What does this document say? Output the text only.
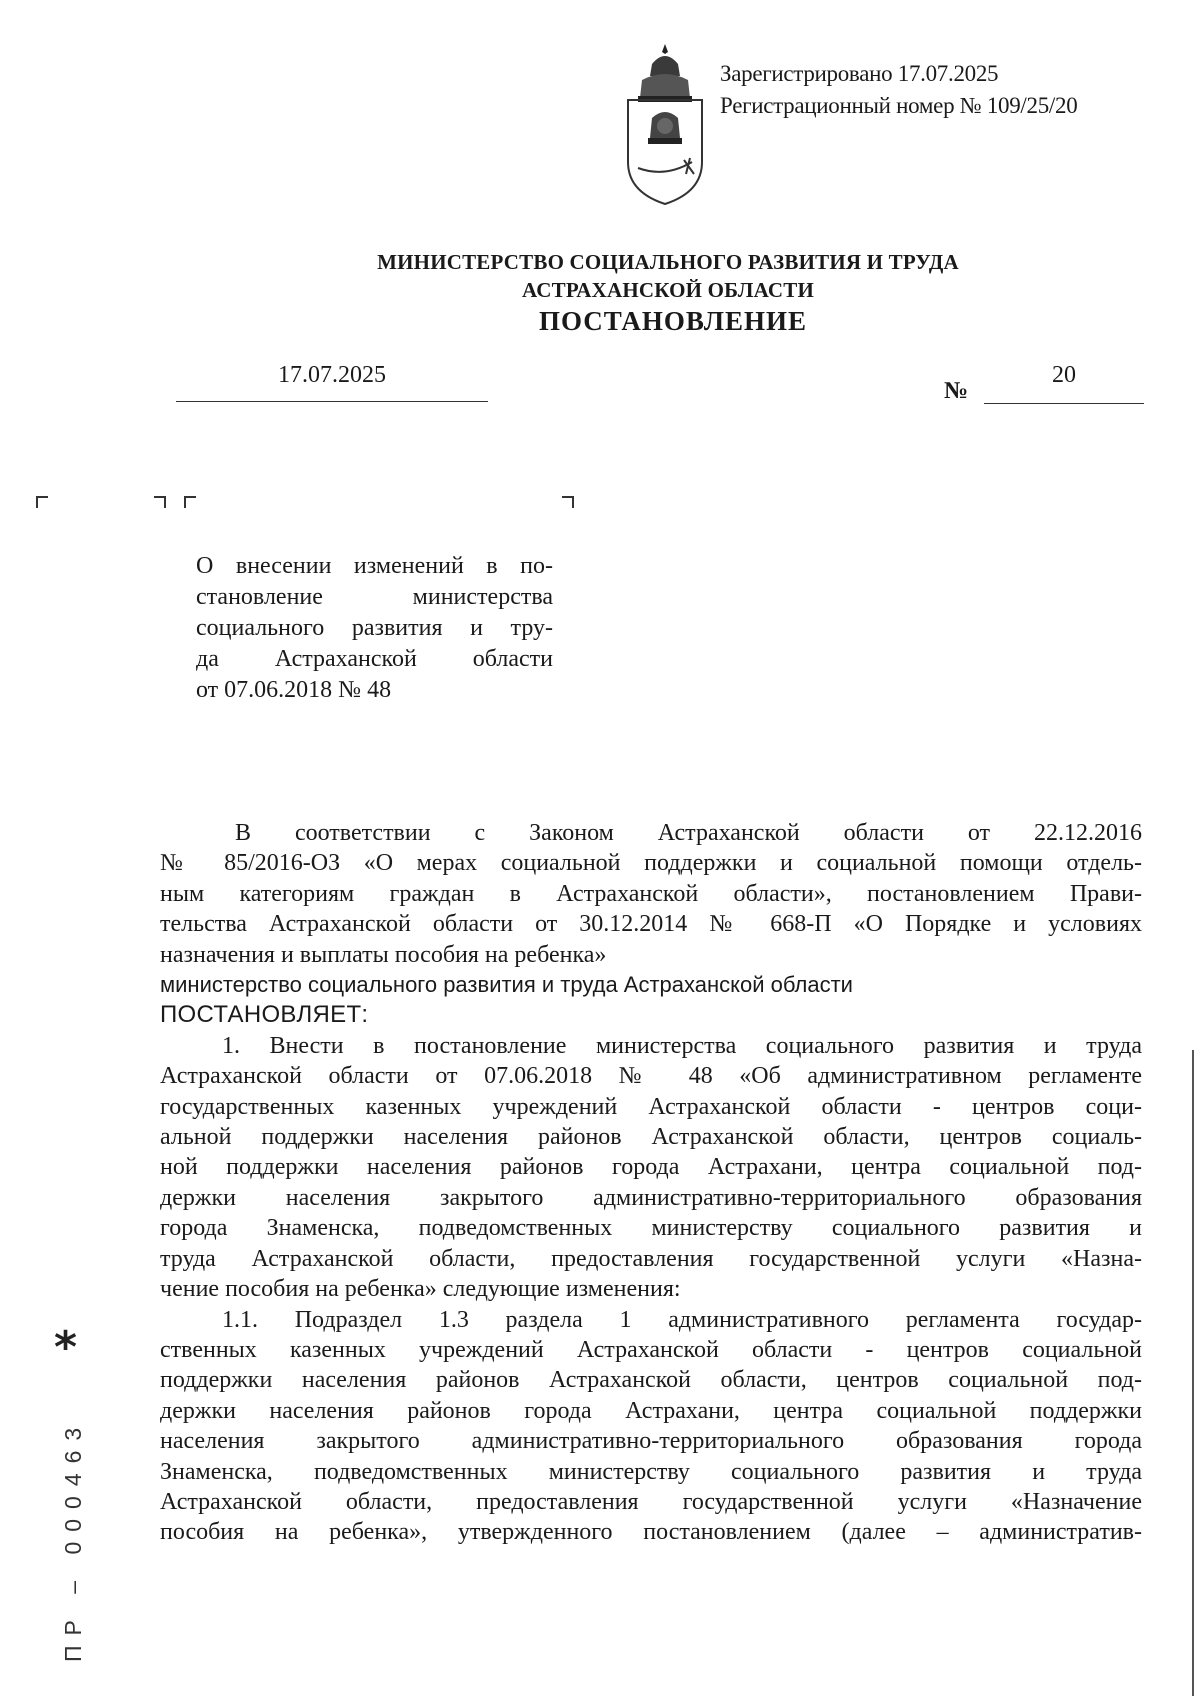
Зарегистрировано 17.07.2025
Регистрационный номер № 109/25/20
МИНИСТЕРСТВО СОЦИАЛЬНОГО РАЗВИТИЯ И ТРУДА
АСТРАХАНСКОЙ ОБЛАСТИ
ПОСТАНОВЛЕНИЕ
17.07.2025
№
20
О внесении изменений в по-
становление министерства
социального развития и тру-
да Астраханской области
от 07.06.2018 № 48
В соответствии с Законом Астраханской области от 22.12.2016
№ 85/2016-ОЗ «О мерах социальной поддержки и социальной помощи отдель-
ным категориям граждан в Астраханской области», постановлением Прави-
тельства Астраханской области от 30.12.2014 № 668-П «О Порядке и условиях
назначения и выплаты пособия на ребенка»
министерство социального развития и труда Астраханской области
ПОСТАНОВЛЯЕТ:
1. Внести в постановление министерства социального развития и труда
Астраханской области от 07.06.2018 № 48 «Об административном регламенте
государственных казенных учреждений Астраханской области - центров соци-
альной поддержки населения районов Астраханской области, центров социаль-
ной поддержки населения районов города Астрахани, центра социальной под-
держки населения закрытого административно-территориального образования
города Знаменска, подведомственных министерству социального развития и
труда Астраханской области, предоставления государственной услуги «Назна-
чение пособия на ребенка» следующие изменения:
1.1. Подраздел 1.3 раздела 1 административного регламента государ-
ственных казенных учреждений Астраханской области - центров социальной
поддержки населения районов Астраханской области, центров социальной под-
держки населения районов города Астрахани, центра социальной поддержки
населения закрытого административно-территориального образования города
Знаменска, подведомственных министерству социального развития и труда
Астраханской области, предоставления государственной услуги «Назначение
пособия на ребенка», утвержденного постановлением (далее – административ-
*
ПР – 000463
